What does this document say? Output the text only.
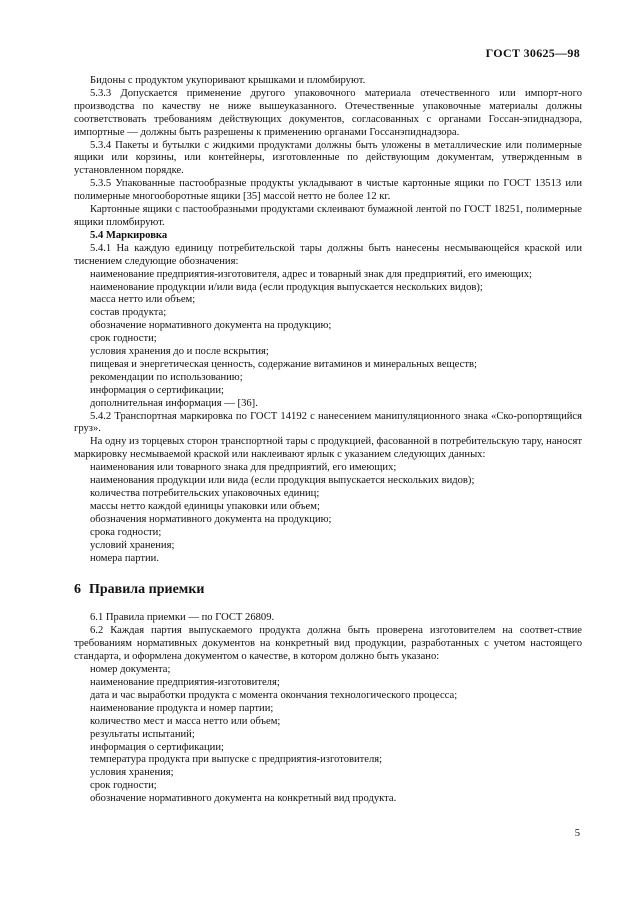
ГОСТ 30625—98

Бидоны с продуктом укупоривают крышками и пломбируют.

5.3.3 Допускается применение другого упаковочного материала отечественного или импорт-ного производства по качеству не ниже вышеуказанного. Отечественные упаковочные материалы должны соответствовать требованиям действующих документов, согласованных с органами Госсан-эпиднадзора, импортные — должны быть разрешены к применению органами Госсанэпиднадзора.

5.3.4 Пакеты и бутылки с жидкими продуктами должны быть уложены в металлические или полимерные ящики или корзины, или контейнеры, изготовленные по действующим документам, утвержденным в установленном порядке.

5.3.5 Упакованные пастообразные продукты укладывают в чистые картонные ящики по ГОСТ 13513 или полимерные многооборотные ящики [35] массой нетто не более 12 кг.

Картонные ящики с пастообразными продуктами склеивают бумажной лентой по ГОСТ 18251, полимерные ящики пломбируют.

5.4 Маркировка

5.4.1 На каждую единицу потребительской тары должны быть нанесены несмывающейся краской или тиснением следующие обозначения:

наименование предприятия-изготовителя, адрес и товарный знак для предприятий, его имеющих;

наименование продукции и/или вида (если продукция выпускается нескольких видов);

масса нетто или объем;

состав продукта;

обозначение нормативного документа на продукцию;

срок годности;

условия хранения до и после вскрытия;

пищевая и энергетическая ценность, содержание витаминов и минеральных веществ;

рекомендации по использованию;

информация о сертификации;

дополнительная информация — [36].

5.4.2 Транспортная маркировка по ГОСТ 14192 с нанесением манипуляционного знака «Ско-ропортящийся груз».

На одну из торцевых сторон транспортной тары с продукцией, фасованной в потребительскую тару, наносят маркировку несмываемой краской или наклеивают ярлык с указанием следующих данных:

наименования или товарного знака для предприятий, его имеющих;

наименования продукции или вида (если продукция выпускается нескольких видов);

количества потребительских упаковочных единиц;

массы нетто каждой единицы упаковки или объем;

обозначения нормативного документа на продукцию;

срока годности;

условий хранения;

номера партии.

6 Правила приемки

6.1 Правила приемки — по ГОСТ 26809.

6.2 Каждая партия выпускаемого продукта должна быть проверена изготовителем на соответ-ствие требованиям нормативных документов на конкретный вид продукции, разработанных с учетом настоящего стандарта, и оформлена документом о качестве, в котором должно быть указано:

номер документа;

наименование предприятия-изготовителя;

дата и час выработки продукта с момента окончания технологического процесса;

наименование продукта и номер партии;

количество мест и масса нетто или объем;

результаты испытаний;

информация о сертификации;

температура продукта при выпуске с предприятия-изготовителя;

условия хранения;

срок годности;

обозначение нормативного документа на конкретный вид продукта.

5
